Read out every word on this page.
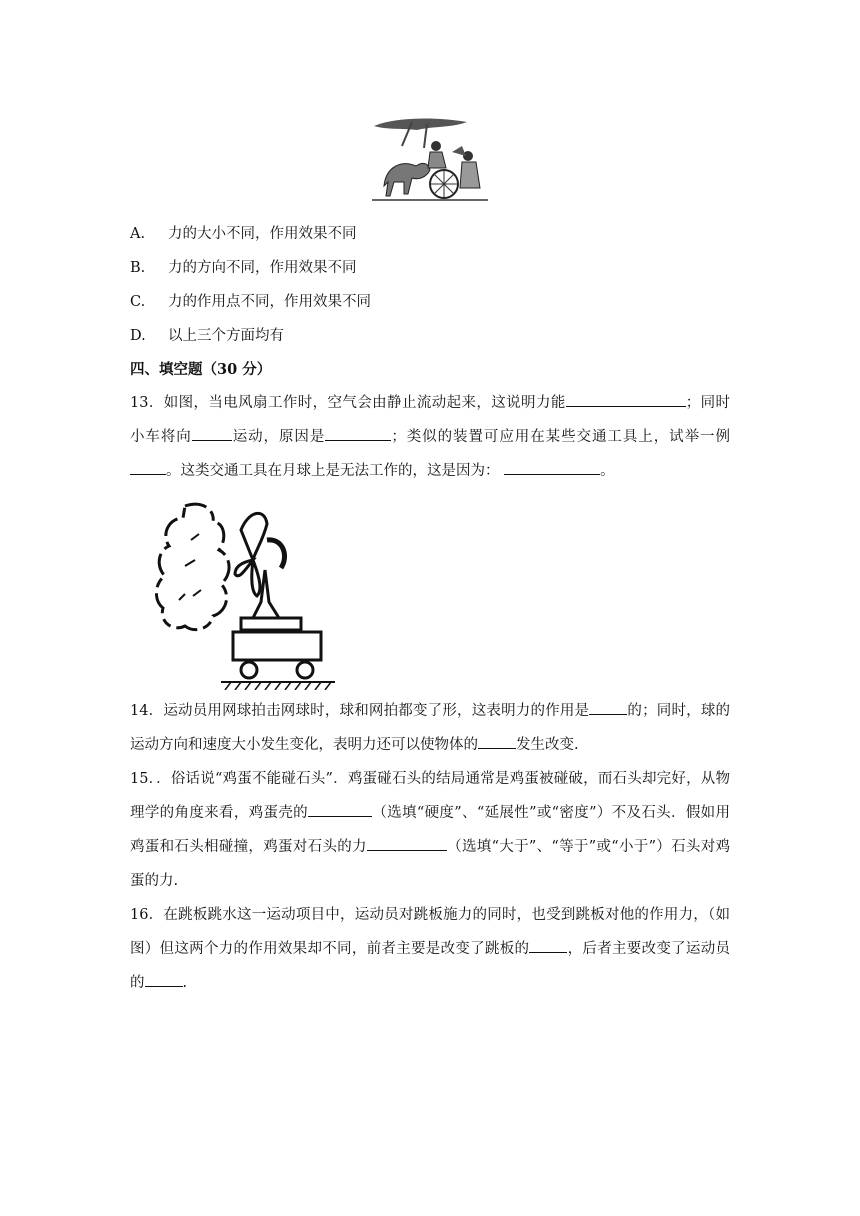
A. 力的大小不同，作用效果不同
B. 力的方向不同，作用效果不同
C. 力的作用点不同，作用效果不同
D. 以上三个方面均有
四、填空题（30 分）
13．如图，当电风扇工作时，空气会由静止流动起来，这说明力能	；同时小车将向	运动，原因是	；类似的装置可应用在某些交通工具上，试举一例。这类交通工具在月球上是无法工作的，这是因为：	。
14．运动员用网球拍击网球时，球和网拍都变了形，这表明力的作用是	的；同时，球的运动方向和速度大小发生变化，表明力还可以使物体的	发生改变.
15．．俗话说“鸡蛋不能碰石头”．鸡蛋碰石头的结局通常是鸡蛋被碰破，而石头却完好，从物理学的角度来看，鸡蛋壳的	（选填“硬度”、“延展性”或“密度”）不及石头．假如用鸡蛋和石头相碰撞，鸡蛋对石头的力	（选填“大于”、“等于”或“小于”）石头对鸡蛋的力.
16．在跳板跳水这一运动项目中，运动员对跳板施力的同时，也受到跳板对他的作用力，（如图）但这两个力的作用效果却不同，前者主要是改变了跳板的	，后者主要改变了运动员的	.
